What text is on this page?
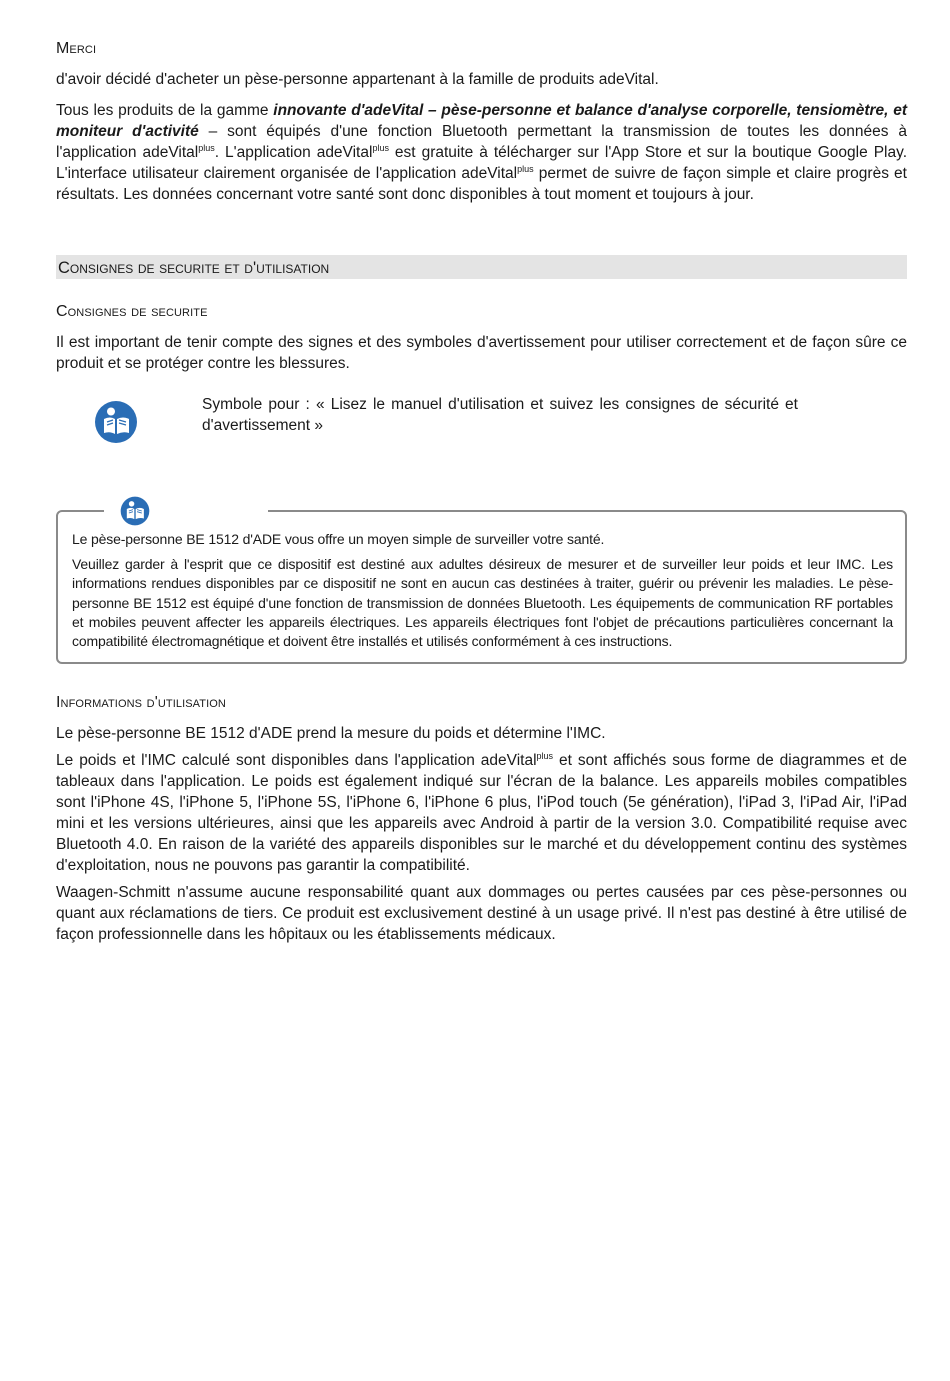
Merci

d'avoir décidé d'acheter un pèse-personne appartenant à la famille de produits adeVital.

Tous les produits de la gamme innovante d'adeVital – pèse-personne et balance d'analyse corporelle, tensiomètre, et moniteur d'activité – sont équipés d'une fonction Bluetooth permettant la transmission de toutes les données à l'application adeVital$^{plus}$. L'application adeVital$^{plus}$ est gratuite à télécharger sur l'App Store et sur la boutique Google Play. L'interface utilisateur clairement organisée de l'application adeVital$^{plus}$ permet de suivre de façon simple et claire progrès et résultats. Les données concernant votre santé sont donc disponibles à tout moment et toujours à jour.

Consignes de securite et d'utilisation
Consignes de securite

Il est important de tenir compte des signes et des symboles d'avertissement pour utiliser correctement et de façon sûre ce produit et se protéger contre les blessures.

Symbole pour : « Lisez le manuel d'utilisation et suivez les consignes de sécurité et d'avertissement »

Le pèse-personne BE 1512 d'ADE vous offre un moyen simple de surveiller votre santé.

Veuillez garder à l'esprit que ce dispositif est destiné aux adultes désireux de mesurer et de surveiller leur poids et leur IMC. Les informations rendues disponibles par ce dispositif ne sont en aucun cas destinées à traiter, guérir ou prévenir les maladies. Le pèse-personne BE 1512 est équipé d'une fonction de transmission de données Bluetooth. Les équipements de communication RF portables et mobiles peuvent affecter les appareils électriques. Les appareils électriques font l'objet de précautions particulières concernant la compatibilité électromagnétique et doivent être installés et utilisés conformément à ces instructions.

Informations d'utilisation

Le pèse-personne BE 1512 d'ADE prend la mesure du poids et détermine l'IMC.

Le poids et l'IMC calculé sont disponibles dans l'application adeVital$^{plus}$ et sont affichés sous forme de diagrammes et de tableaux dans l'application. Le poids est également indiqué sur l'écran de la balance. Les appareils mobiles compatibles sont l'iPhone 4S, l'iPhone 5, l'iPhone 5S, l'iPhone 6, l'iPhone 6 plus, l'iPod touch (5e génération), l'iPad 3, l'iPad Air, l'iPad mini et les versions ultérieures, ainsi que les appareils avec Android à partir de la version 3.0. Compatibilité requise avec Bluetooth 4.0. En raison de la variété des appareils disponibles sur le marché et du développement continu des systèmes d'exploitation, nous ne pouvons pas garantir la compatibilité.

Waagen-Schmitt n'assume aucune responsabilité quant aux dommages ou pertes causées par ces pèse-personnes ou quant aux réclamations de tiers. Ce produit est exclusivement destiné à un usage privé. Il n'est pas destiné à être utilisé de façon professionnelle dans les hôpitaux ou les établissements médicaux.
